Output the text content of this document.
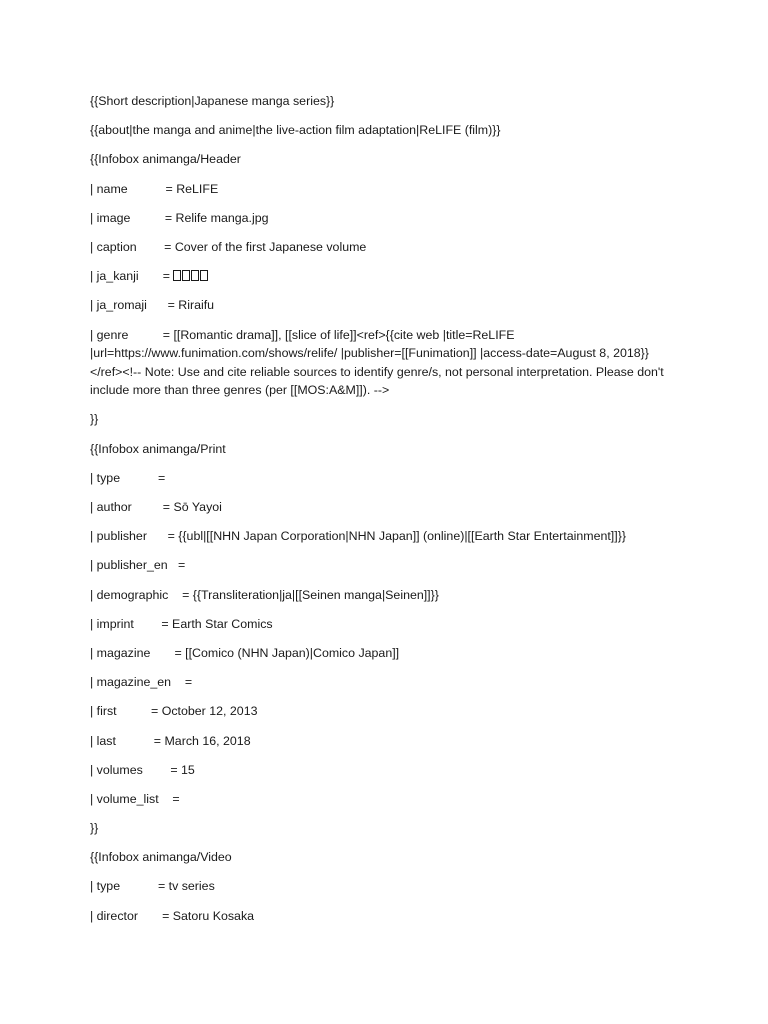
{{Short description|Japanese manga series}}

{{about|the manga and anime|the live-action film adaptation|ReLIFE (film)}}

{{Infobox animanga/Header

| name           = ReLIFE

| image          = Relife manga.jpg

| caption        = Cover of the first Japanese volume

| ja_kanji       =

| ja_romaji      = Riraifu

| genre          = [[Romantic drama]], [[slice of life]]<ref>{{cite web |title=ReLIFE |url=https://www.funimation.com/shows/relife/ |publisher=[[Funimation]] |access-date=August 8, 2018}}</ref><!-- Note: Use and cite reliable sources to identify genre/s, not personal interpretation. Please don't include more than three genres (per [[MOS:A&M]]). -->

}}

{{Infobox animanga/Print

| type           =

| author         = Sō Yayoi

| publisher      = {{ubl|[[NHN Japan Corporation|NHN Japan]] (online)|[[Earth Star Entertainment]]}}

| publisher_en   =

| demographic    = {{Transliteration|ja|[[Seinen manga|Seinen]]}}

| imprint        = Earth Star Comics

| magazine       = [[Comico (NHN Japan)|Comico Japan]]

| magazine_en    =

| first          = October 12, 2013

| last           = March 16, 2018

| volumes        = 15

| volume_list    =

}}

{{Infobox animanga/Video

| type           = tv series

| director       = Satoru Kosaka
